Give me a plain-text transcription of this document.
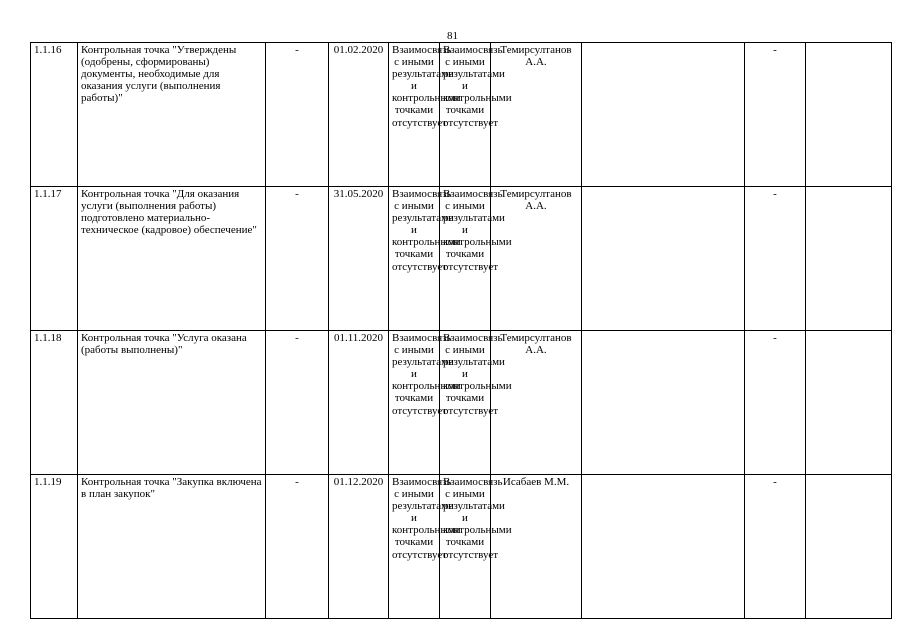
81
1.1.16	Контрольная точка "Утверждены (одобрены, сформированы) документы, необходимые для оказания услуги (выполнения работы)"	-	01.02.2020	Взаимосвязь с иными результатами и контрольными точками отсутствует	Взаимосвязь с иными результатами и контрольными точками отсутствует	Темирсултанов А.А.		-	
1.1.17	Контрольная точка "Для оказания услуги (выполнения работы) подготовлено материально-техническое (кадровое) обеспечение"	-	31.05.2020	Взаимосвязь с иными результатами и контрольными точками отсутствует	Взаимосвязь с иными результатами и контрольными точками отсутствует	Темирсултанов А.А.		-	
1.1.18	Контрольная точка "Услуга оказана (работы выполнены)"	-	01.11.2020	Взаимосвязь с иными результатами и контрольными точками отсутствует	Взаимосвязь с иными результатами и контрольными точками отсутствует	Темирсултанов А.А.		-	
1.1.19	Контрольная точка "Закупка включена в план закупок"	-	01.12.2020	Взаимосвязь с иными результатами и контрольными точками отсутствует	Взаимосвязь с иными результатами и контрольными точками отсутствует	Исабаев М.М.		-	
